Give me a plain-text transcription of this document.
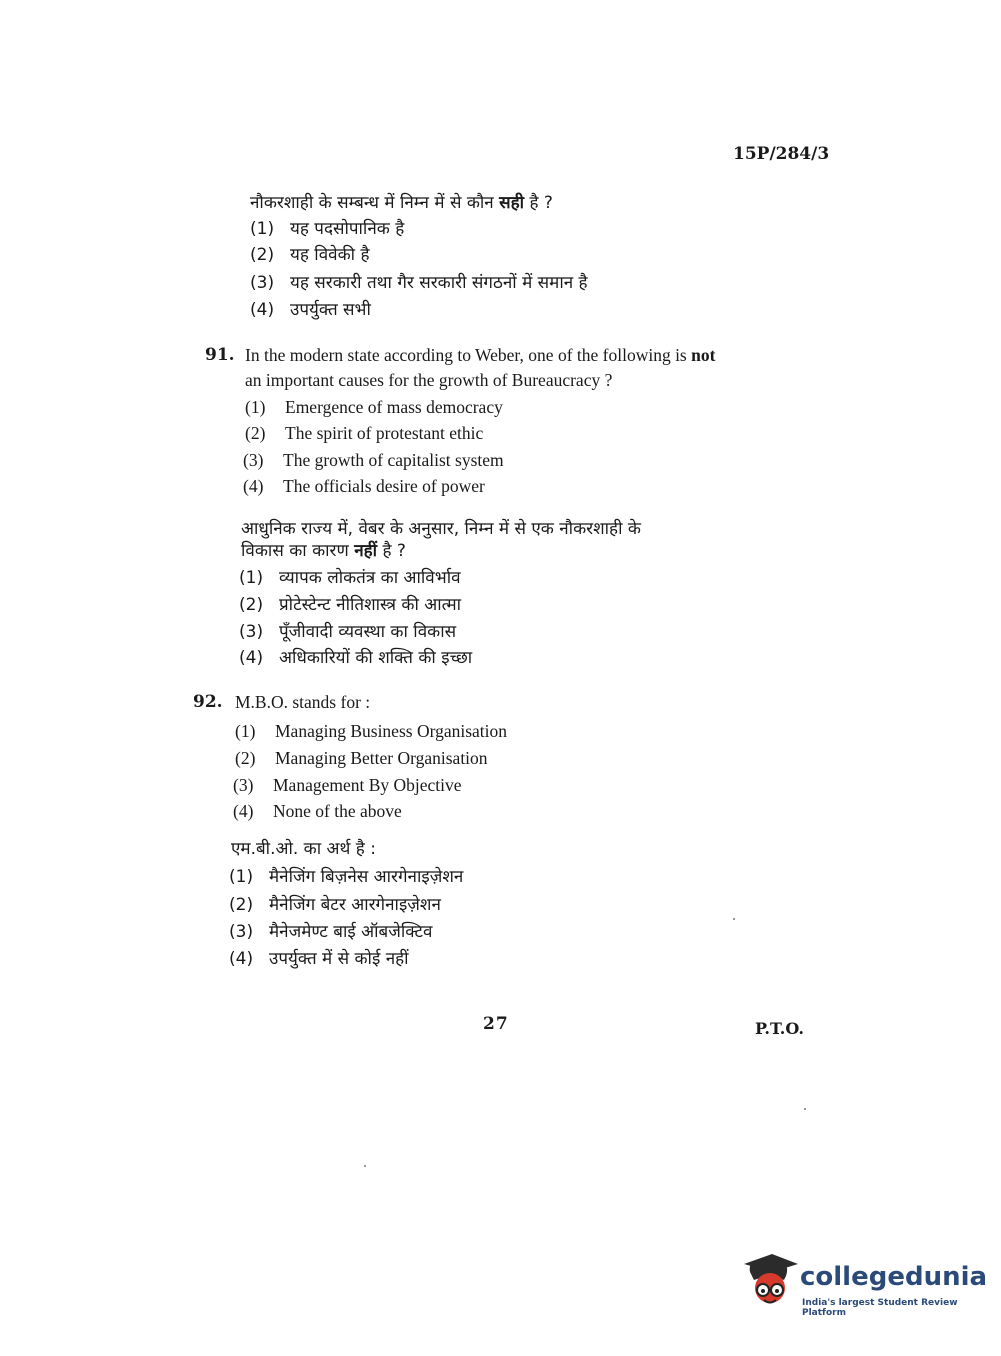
15P/284/3
नौकरशाही के सम्बन्ध में निम्न में से कौन सही है ?
(1) यह पदसोपानिक है
(2) यह विवेकी है
(3) यह सरकारी तथा गैर सरकारी संगठनों में समान है
(4) उपर्युक्त सभी
91. In the modern state according to Weber, one of the following is not
an important causes for the growth of Bureaucracy ?
(1) Emergence of mass democracy
(2) The spirit of protestant ethic
(3) The growth of capitalist system
(4) The officials desire of power
आधुनिक राज्य में, वेबर के अनुसार, निम्न में से एक नौकरशाही के
विकास का कारण नहीं है ?
(1) व्यापक लोकतंत्र का आविर्भाव
(2) प्रोटेस्टेन्ट नीतिशास्त्र की आत्मा
(3) पूँजीवादी व्यवस्था का विकास
(4) अधिकारियों की शक्ति की इच्छा
92. M.B.O. stands for :
(1) Managing Business Organisation
(2) Managing Better Organisation
(3) Management By Objective
(4) None of the above
एम.बी.ओ. का अर्थ है :
(1) मैनेजिंग बिज़नेस आरगेनाइज़ेशन
(2) मैनेजिंग बेटर आरगेनाइज़ेशन
(3) मैनेजमेण्ट बाई ऑबजेक्टिव
(4) उपर्युक्त में से कोई नहीं
27	P.T.O.
collegedunia
India's largest Student Review Platform
